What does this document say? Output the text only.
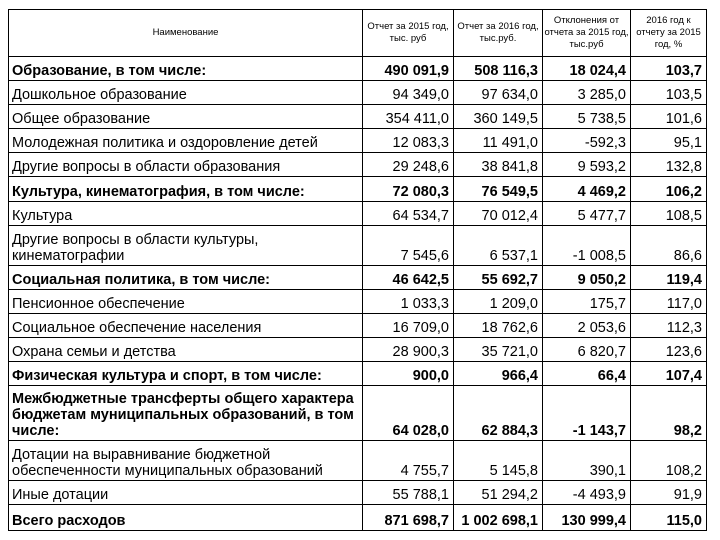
Наименование	Отчет за 2015 год, тыс. руб	Отчет за 2016 год, тыс.руб.	Отклонения от отчета за 2015 год, тыс.руб	2016 год к отчету за 2015 год, %
Образование, в том числе:	490 091,9	508 116,3	18 024,4	103,7
Дошкольное образование	94 349,0	97 634,0	3 285,0	103,5
Общее образование	354 411,0	360 149,5	5 738,5	101,6
Молодежная политика и оздоровление детей	12 083,3	11 491,0	-592,3	95,1
Другие вопросы в области образования	29 248,6	38 841,8	9 593,2	132,8
Культура, кинематография, в том числе:	72 080,3	76 549,5	4 469,2	106,2
Культура	64 534,7	70 012,4	5 477,7	108,5
Другие вопросы в области культуры, кинематографии	7 545,6	6 537,1	-1 008,5	86,6
Социальная политика, в том числе:	46 642,5	55 692,7	9 050,2	119,4
Пенсионное обеспечение	1 033,3	1 209,0	175,7	117,0
Социальное обеспечение населения	16 709,0	18 762,6	2 053,6	112,3
Охрана семьи и детства	28 900,3	35 721,0	6 820,7	123,6
Физическая культура и спорт, в том числе:	900,0	966,4	66,4	107,4
Межбюджетные трансферты общего характера бюджетам муниципальных образований, в том числе:	64 028,0	62 884,3	-1 143,7	98,2
Дотации на выравнивание бюджетной обеспеченности муниципальных образований	4 755,7	5 145,8	390,1	108,2
Иные дотации	55 788,1	51 294,2	-4 493,9	91,9
Всего расходов	871 698,7	1 002 698,1	130 999,4	115,0
